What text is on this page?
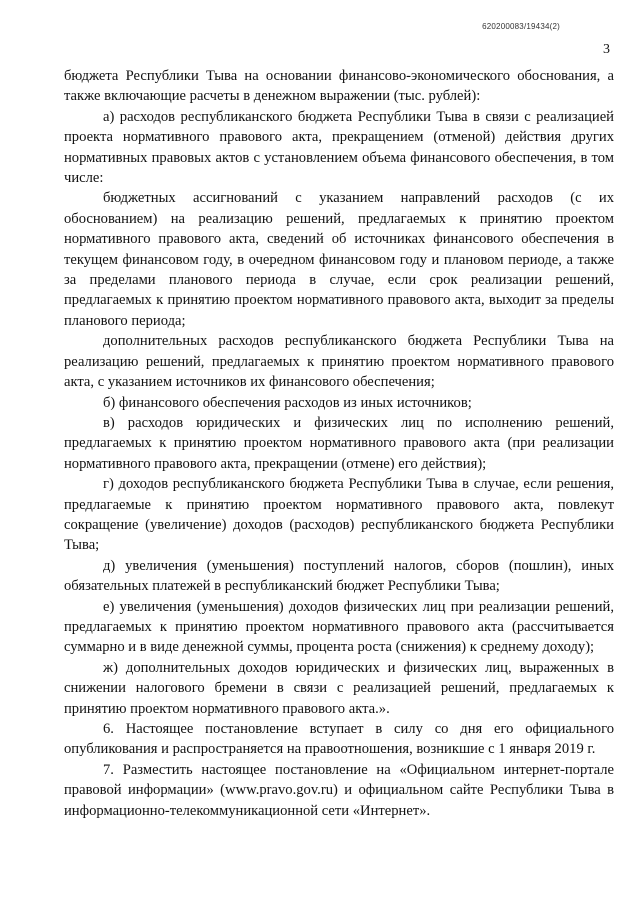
620200083/19434(2)
3

бюджета Республики Тыва на основании финансово-экономического обоснования, а также включающие расчеты в денежном выражении (тыс. рублей):

а) расходов республиканского бюджета Республики Тыва в связи с реализацией проекта нормативного правового акта, прекращением (отменой) действия других нормативных правовых актов с установлением объема финансового обеспечения, в том числе:

бюджетных ассигнований с указанием направлений расходов (с их обоснованием) на реализацию решений, предлагаемых к принятию проектом нормативного правового акта, сведений об источниках финансового обеспечения в текущем финансовом году, в очередном финансовом году и плановом периоде, а также за пределами планового периода в случае, если срок реализации решений, предлагаемых к принятию проектом нормативного правового акта, выходит за пределы планового периода;

дополнительных расходов республиканского бюджета Республики Тыва на реализацию решений, предлагаемых к принятию проектом нормативного правового акта, с указанием источников их финансового обеспечения;

б) финансового обеспечения расходов из иных источников;

в) расходов юридических и физических лиц по исполнению решений, предлагаемых к принятию проектом нормативного правового акта (при реализации нормативного правового акта, прекращении (отмене) его действия);

г) доходов республиканского бюджета Республики Тыва в случае, если решения, предлагаемые к принятию проектом нормативного правового акта, повлекут сокращение (увеличение) доходов (расходов) республиканского бюджета Республики Тыва;

д) увеличения (уменьшения) поступлений налогов, сборов (пошлин), иных обязательных платежей в республиканский бюджет Республики Тыва;

е) увеличения (уменьшения) доходов физических лиц при реализации решений, предлагаемых к принятию проектом нормативного правового акта (рассчитывается суммарно и в виде денежной суммы, процента роста (снижения) к среднему доходу);

ж) дополнительных доходов юридических и физических лиц, выраженных в снижении налогового бремени в связи с реализацией решений, предлагаемых к принятию проектом нормативного правового акта.».

6. Настоящее постановление вступает в силу со дня его официального опубликования и распространяется на правоотношения, возникшие с 1 января 2019 г.

7. Разместить настоящее постановление на «Официальном интернет-портале правовой информации» (www.pravo.gov.ru) и официальном сайте Республики Тыва в информационно-телекоммуникационной сети «Интернет».
